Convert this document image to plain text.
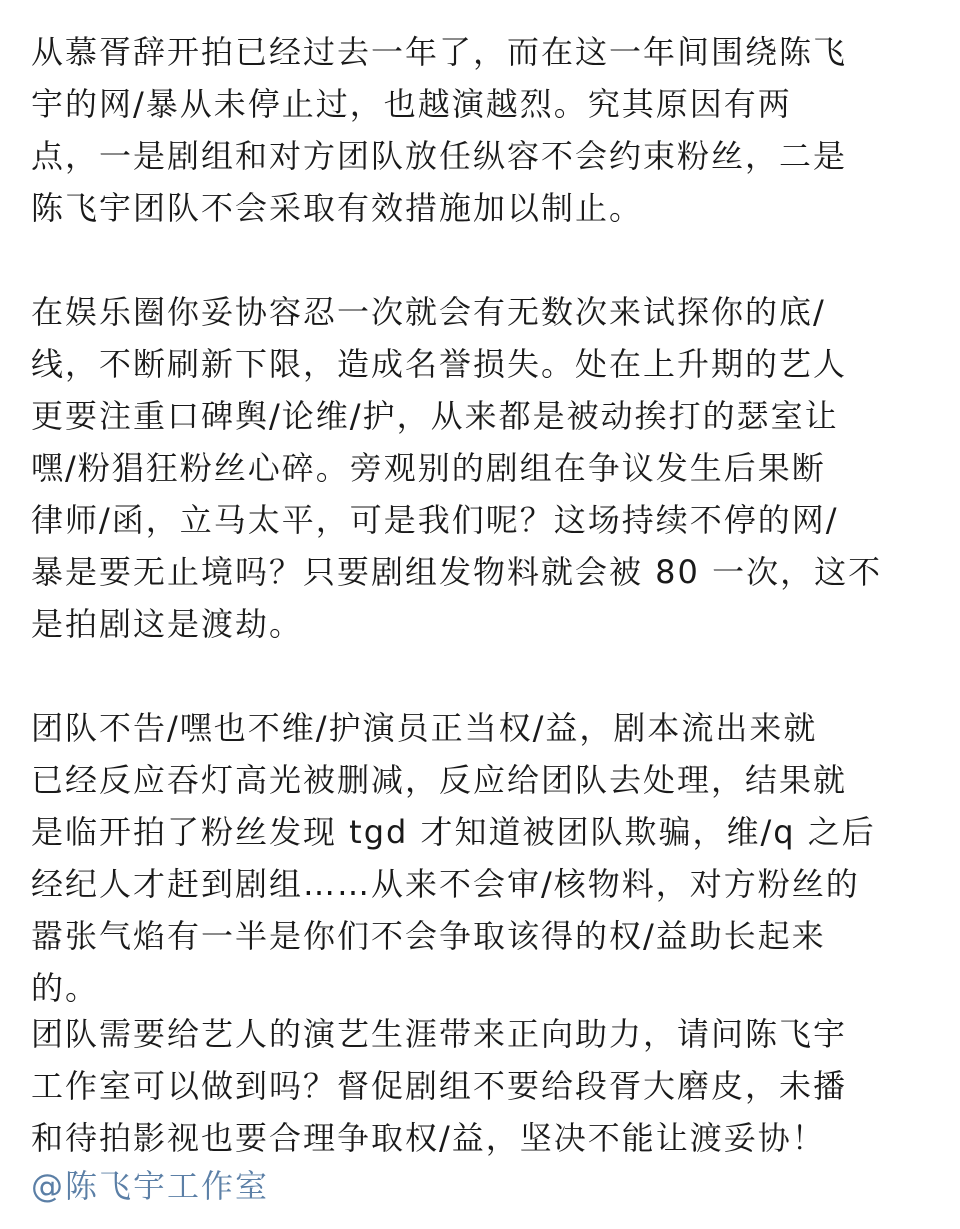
从慕胥辞开拍已经过去一年了，而在这一年间围绕陈飞
宇的网/暴从未停止过，也越演越烈。究其原因有两
点，一是剧组和对方团队放任纵容不会约束粉丝，二是
陈飞宇团队不会采取有效措施加以制止。
在娱乐圈你妥协容忍一次就会有无数次来试探你的底/
线，不断刷新下限，造成名誉损失。处在上升期的艺人
更要注重口碑舆/论维/护，从来都是被动挨打的瑟室让
嘿/粉猖狂粉丝心碎。旁观别的剧组在争议发生后果断
律师/函，立马太平，可是我们呢？这场持续不停的网/
暴是要无止境吗？只要剧组发物料就会被 80 一次，这不
是拍剧这是渡劫。
团队不告/嘿也不维/护演员正当权/益，剧本流出来就
已经反应吞灯高光被删减，反应给团队去处理，结果就
是临开拍了粉丝发现 tgd 才知道被团队欺骗，维/q 之后
经纪人才赶到剧组……从来不会审/核物料，对方粉丝的
嚣张气焰有一半是你们不会争取该得的权/益助长起来
的。
团队需要给艺人的演艺生涯带来正向助力，请问陈飞宇
工作室可以做到吗？督促剧组不要给段胥大磨皮，未播
和待拍影视也要合理争取权/益，坚决不能让渡妥协！
@陈飞宇工作室
